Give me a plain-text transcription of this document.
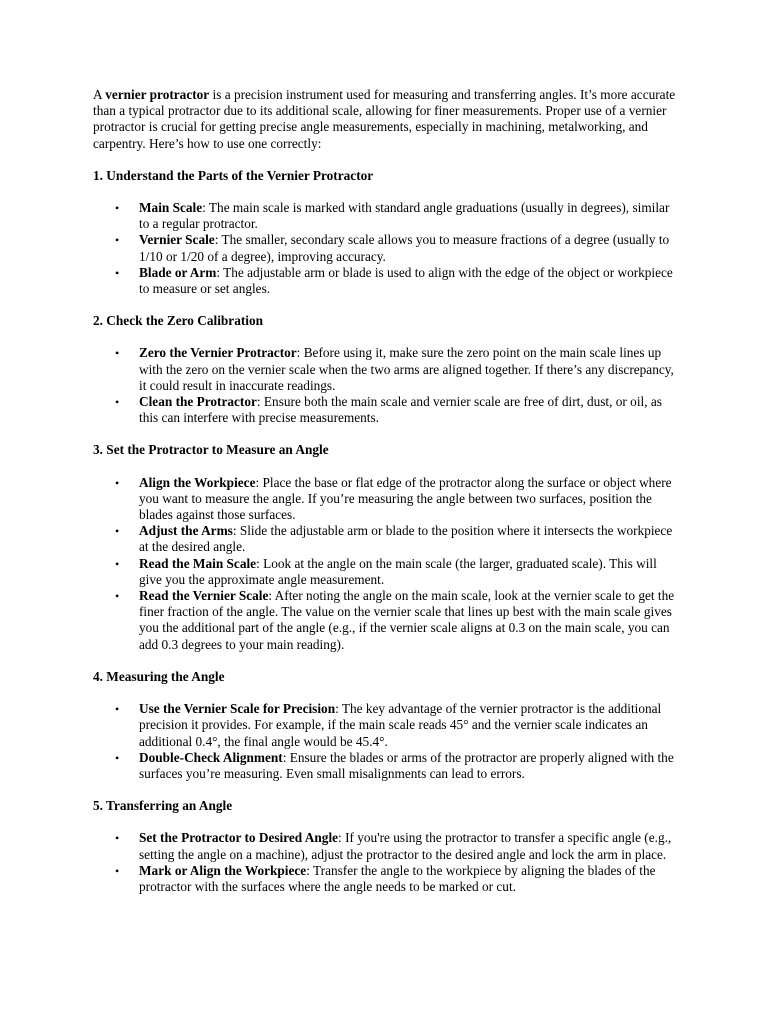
A vernier protractor is a precision instrument used for measuring and transferring angles. It’s more accurate than a typical protractor due to its additional scale, allowing for finer measurements. Proper use of a vernier protractor is crucial for getting precise angle measurements, especially in machining, metalworking, and carpentry. Here’s how to use one correctly:

1. Understand the Parts of the Vernier Protractor
• Main Scale: The main scale is marked with standard angle graduations (usually in degrees), similar to a regular protractor.
• Vernier Scale: The smaller, secondary scale allows you to measure fractions of a degree (usually to 1/10 or 1/20 of a degree), improving accuracy.
• Blade or Arm: The adjustable arm or blade is used to align with the edge of the object or workpiece to measure or set angles.
2. Check the Zero Calibration
• Zero the Vernier Protractor: Before using it, make sure the zero point on the main scale lines up with the zero on the vernier scale when the two arms are aligned together. If there’s any discrepancy, it could result in inaccurate readings.
• Clean the Protractor: Ensure both the main scale and vernier scale are free of dirt, dust, or oil, as this can interfere with precise measurements.
3. Set the Protractor to Measure an Angle
• Align the Workpiece: Place the base or flat edge of the protractor along the surface or object where you want to measure the angle. If you’re measuring the angle between two surfaces, position the blades against those surfaces.
• Adjust the Arms: Slide the adjustable arm or blade to the position where it intersects the workpiece at the desired angle.
• Read the Main Scale: Look at the angle on the main scale (the larger, graduated scale). This will give you the approximate angle measurement.
• Read the Vernier Scale: After noting the angle on the main scale, look at the vernier scale to get the finer fraction of the angle. The value on the vernier scale that lines up best with the main scale gives you the additional part of the angle (e.g., if the vernier scale aligns at 0.3 on the main scale, you can add 0.3 degrees to your main reading).
4. Measuring the Angle
• Use the Vernier Scale for Precision: The key advantage of the vernier protractor is the additional precision it provides. For example, if the main scale reads 45° and the vernier scale indicates an additional 0.4°, the final angle would be 45.4°.
• Double-Check Alignment: Ensure the blades or arms of the protractor are properly aligned with the surfaces you’re measuring. Even small misalignments can lead to errors.
5. Transferring an Angle
• Set the Protractor to Desired Angle: If you're using the protractor to transfer a specific angle (e.g., setting the angle on a machine), adjust the protractor to the desired angle and lock the arm in place.
• Mark or Align the Workpiece: Transfer the angle to the workpiece by aligning the blades of the protractor with the surfaces where the angle needs to be marked or cut.
